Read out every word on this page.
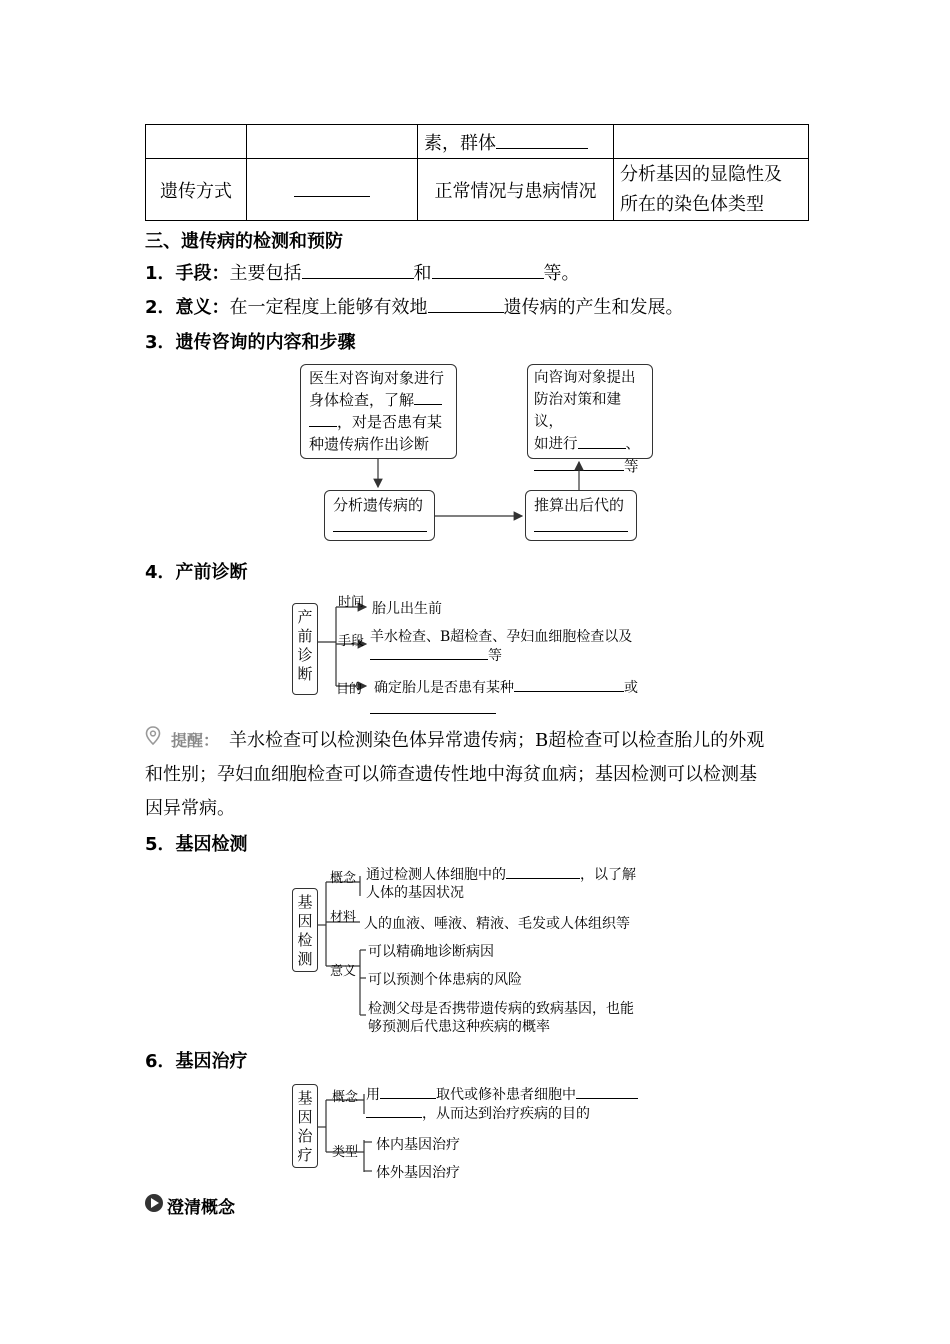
		素，群体	
遗传方式		正常情况与患病情况	分析基因的显隐性及
所在的染色体类型
三、遗传病的检测和预防
1．手段：主要包括	和	等。
2．意义：在一定程度上能够有效地	遗传病的产生和发展。
3．遗传咨询的内容和步骤
医生对咨询对象进行
身体检查，了解
，对是否患有某
种遗传病作出诊断
向咨询对象提出
防治对策和建议，
如进行	、
等
分析遗传病的	推算出后代的
4．产前诊断
产
前
诊
断
时间 胎儿出生前
手段 羊水检查、B超检查、孕妇血细胞检查以及
等
目的 确定胎儿是否患有某种	或
提醒： 羊水检查可以检测染色体异常遗传病；B超检查可以检查胎儿的外观
和性别；孕妇血细胞检查可以筛查遗传性地中海贫血病；基因检测可以检测基
因异常病。
5．基因检测
基
因
检
测
概念 通过检测人体细胞中的	，以了解
人体的基因状况
材料 人的血液、唾液、精液、毛发或人体组织等
意义
可以精确地诊断病因
可以预测个体患病的风险
检测父母是否携带遗传病的致病基因，也能
够预测后代患这种疾病的概率
6．基因治疗
基
因
治
疗
概念 用	取代或修补患者细胞中
，从而达到治疗疾病的目的
类型 体内基因治疗
体外基因治疗
澄清概念
